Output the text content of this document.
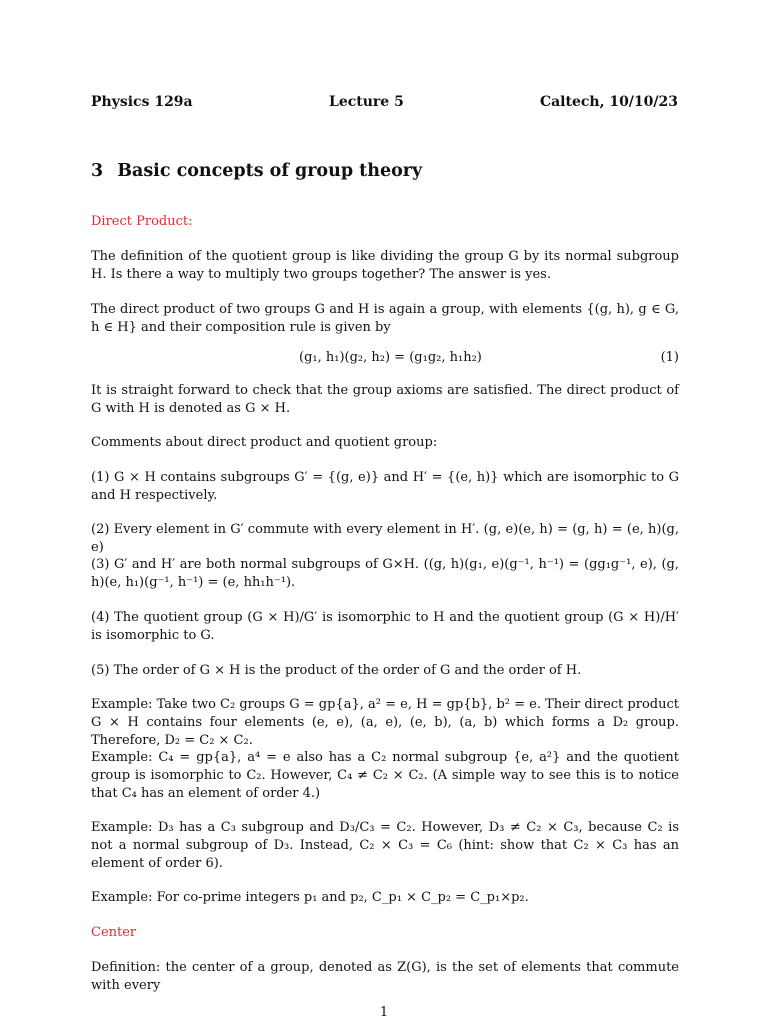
Physics 129a	Lecture 5	Caltech, 10/10/23
3 Basic concepts of group theory
Direct Product:
The definition of the quotient group is like dividing the group G by its normal subgroup H. Is there a way to multiply two groups together? The answer is yes.
The direct product of two groups G and H is again a group, with elements {(g, h), g ∈ G, h ∈ H} and their composition rule is given by
(g₁, h₁)(g₂, h₂) = (g₁g₂, h₁h₂)	(1)
It is straight forward to check that the group axioms are satisfied. The direct product of G with H is denoted as G × H.
Comments about direct product and quotient group:
(1) G × H contains subgroups G′ = {(g, e)} and H′ = {(e, h)} which are isomorphic to G and H respectively.
(2) Every element in G′ commute with every element in H′. (g, e)(e, h) = (g, h) = (e, h)(g, e)
(3) G′ and H′ are both normal subgroups of G×H. ((g, h)(g₁, e)(g⁻¹, h⁻¹) = (gg₁g⁻¹, e), (g, h)(e, h₁)(g⁻¹, h⁻¹) = (e, hh₁h⁻¹).
(4) The quotient group (G × H)/G′ is isomorphic to H and the quotient group (G × H)/H′ is isomorphic to G.
(5) The order of G × H is the product of the order of G and the order of H.
Example: Take two C₂ groups G = gp{a}, a² = e, H = gp{b}, b² = e. Their direct product G × H contains four elements (e, e), (a, e), (e, b), (a, b) which forms a D₂ group. Therefore, D₂ = C₂ × C₂.
Example: C₄ = gp{a}, a⁴ = e also has a C₂ normal subgroup {e, a²} and the quotient group is isomorphic to C₂. However, C₄ ≠ C₂ × C₂. (A simple way to see this is to notice that C₄ has an element of order 4.)
Example: D₃ has a C₃ subgroup and D₃/C₃ = C₂. However, D₃ ≠ C₂ × C₃, because C₂ is not a normal subgroup of D₃. Instead, C₂ × C₃ = C₆ (hint: show that C₂ × C₃ has an element of order 6).
Example: For co-prime integers p₁ and p₂, C_p₁ × C_p₂ = C_p₁×p₂.
Center
Definition: the center of a group, denoted as Z(G), is the set of elements that commute with every
1
